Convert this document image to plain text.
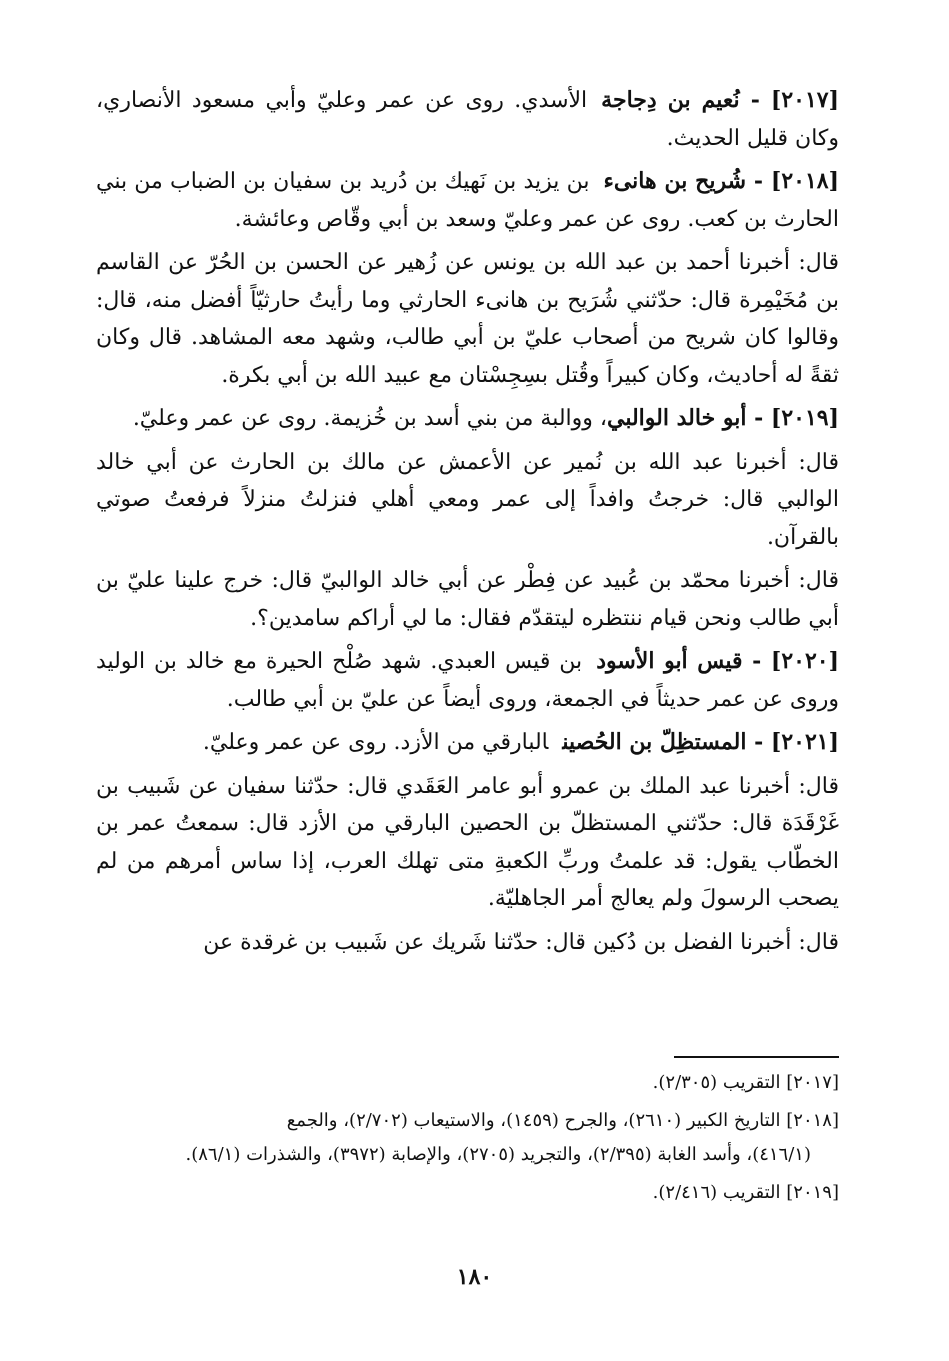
[٢٠١٧] - نُعيم بن دِجاجةالأسدي. روى عن عمر وعليّ وأبي مسعود الأنصاري، وكان قليل الحديث.

[٢٠١٨] - شُريح بن هانىءبن يزيد بن نَهيك بن دُريد بن سفيان بن الضباب من بني الحارث بن كعب. روى عن عمر وعليّ وسعد بن أبي وقّاص وعائشة.

قال: أخبرنا أحمد بن عبد الله بن يونس عن زُهير عن الحسن بن الحُرّ عن القاسم بن مُخَيْمِرة قال: حدّثني شُرَيح بن هانىء الحارثي وما رأيتُ حارثيّاً أفضل منه، قال: وقالوا كان شريح من أصحاب عليّ بن أبي طالب، وشهد معه المشاهد. قال وكان ثقةً له أحاديث، وكان كبيراً وقُتل بسِجِسْتان مع عبيد الله بن أبي بكرة.

[٢٠١٩] - أبو خالد الوالبي، ووالبة من بني أسد بن خُزيمة. روى عن عمر وعليّ.

قال: أخبرنا عبد الله بن نُمير عن الأعمش عن مالك بن الحارث عن أبي خالد الوالبي قال: خرجتُ وافداً إلى عمر ومعي أهلي فنزلتُ منزلاً فرفعتُ صوتي بالقرآن.

قال: أخبرنا محمّد بن عُبيد عن فِطْر عن أبي خالد الوالبيّ قال: خرج علينا عليّ بن أبي طالب ونحن قيام ننتظره ليتقدّم فقال: ما لي أراكم سامدين؟.

[٢٠٢٠] - قيس أبو الأسودبن قيس العبدي. شهد صُلْح الحيرة مع خالد بن الوليد وروى عن عمر حديثاً في الجمعة، وروى أيضاً عن عليّ بن أبي طالب.

[٢٠٢١] - المستظِلّ بن الحُصينالبارقي من الأزد. روى عن عمر وعليّ.

قال: أخبرنا عبد الملك بن عمرو أبو عامر العَقَدي قال: حدّثنا سفيان عن شَبيب بن غَرْقَدَة قال: حدّثني المستظلّ بن الحصين البارقي من الأزد قال: سمعتُ عمر بن الخطّاب يقول: قد علمتُ وربِّ الكعبةِ متى تهلك العرب، إذا ساس أمرهم من لم يصحب الرسولَ ولم يعالج أمر الجاهليّة.

قال: أخبرنا الفضل بن دُكين قال: حدّثنا شَريك عن شَبيب بن غرقدة عن

[٢٠١٧] التقريب (٢/٣٠٥).

[٢٠١٨] التاريخ الكبير (٢٦١٠)، والجرح (١٤٥٩)، والاستيعاب (٢/٧٠٢)، والجمع
(٤١٦/١)، وأسد الغابة (٢/٣٩٥)، والتجريد (٢٧٠٥)، والإصابة (٣٩٧٢)، والشذرات (٨٦/١).

[٢٠١٩] التقريب (٢/٤١٦).

١٨٠
